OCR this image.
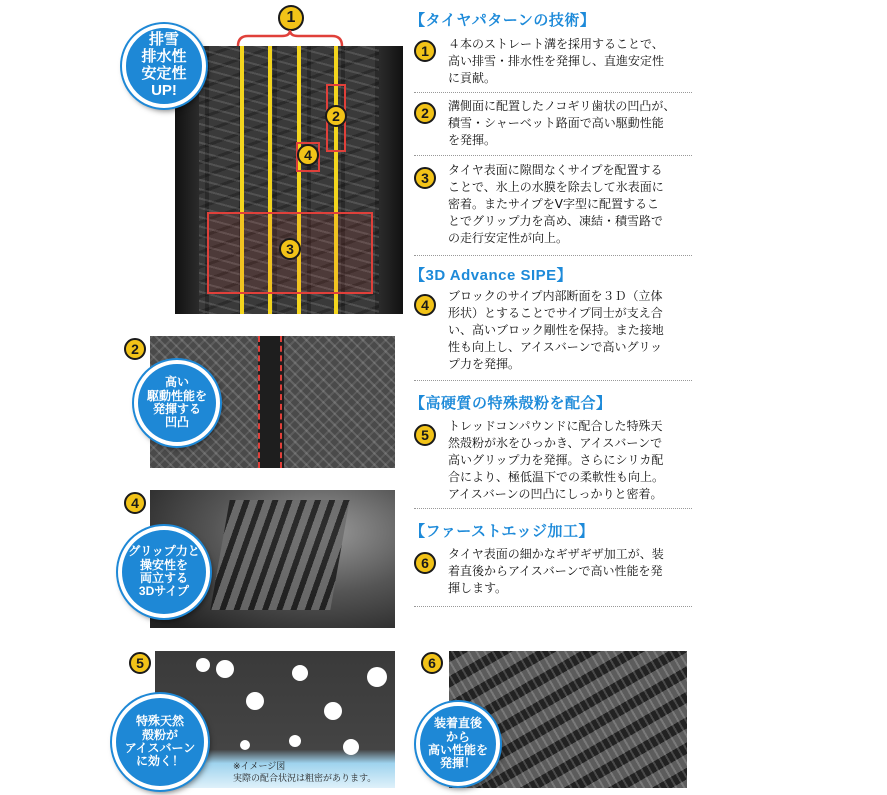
1
2
4
3
排雪
排水性
安定性
UP!
【タイヤパターンの技術】
1	４本のストレート溝を採用することで、
高い排雪・排水性を発揮し、直進安定性
に貢献。
2	溝側面に配置したノコギリ歯状の凹凸が、
積雪・シャーベット路面で高い駆動性能
を発揮。
3	タイヤ表面に隙間なくサイプを配置する
ことで、氷上の水膜を除去して氷表面に
密着。またサイプをV字型に配置するこ
とでグリップ力を高め、凍結・積雪路で
の走行安定性が向上。
【3D Advance SIPE】
4
ブロックのサイプ内部断面を３Ｄ（立体
形状）とすることでサイプ同士が支え合
い、高いブロック剛性を保持。また接地
性も向上し、アイスバーンで高いグリッ
プ力を発揮。
【高硬質の特殊殻粉を配合】
5
トレッドコンパウンドに配合した特殊天
然殻粉が氷をひっかき、アイスバーンで
高いグリップ力を発揮。さらにシリカ配
合により、極低温下での柔軟性も向上。
アイスバーンの凹凸にしっかりと密着。
【ファーストエッジ加工】
6
タイヤ表面の細かなギザギザ加工が、装
着直後からアイスバーンで高い性能を発
揮します。
2
高い
駆動性能を
発揮する
凹凸
4
グリップ力と
操安性を
両立する
3Dサイプ
※イメージ図
実際の配合状況は粗密があります。
5
特殊天然
殻粉が
アイスバーン
に効く！
6
装着直後
から
高い性能を
発揮！
